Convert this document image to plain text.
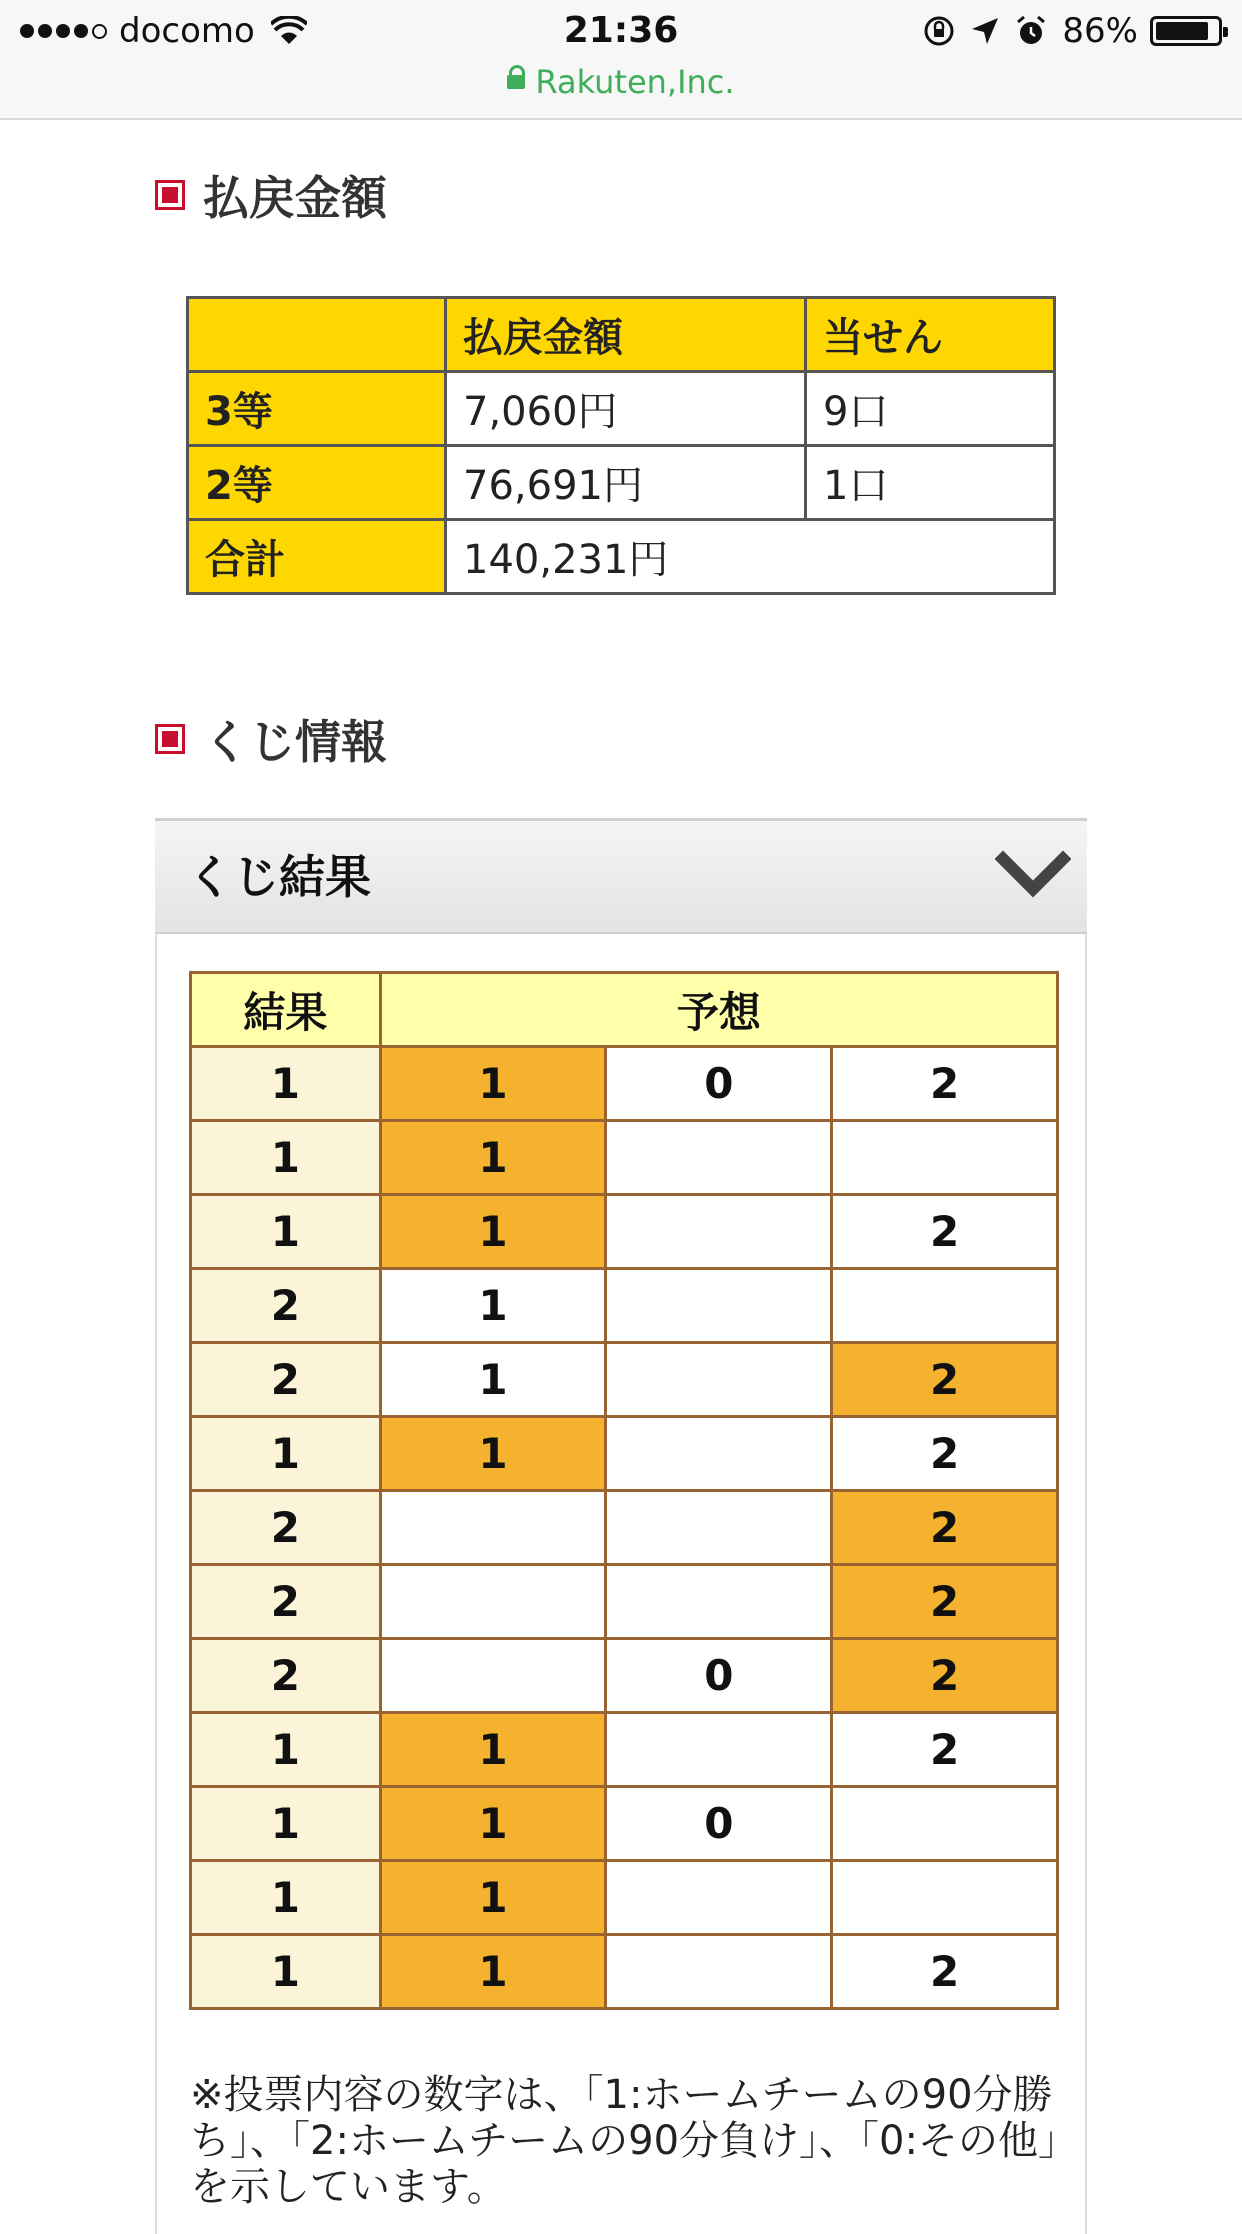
docomo	21:36	86%
Rakuten,Inc.
払戻金額
	払戻金額	当せん
3等	7,060円	9口
2等	76,691円	1口
合計	140,231円	
くじ情報
くじ結果
結果	予想		
1	1	0	2
1	1		
1	1		2
2	1		
2	1		2
1	1		2
2			2
2			2
2		0	2
1	1		2
1	1	0	
1	1		
1	1		2
※投票内容の数字は、「1:ホームチームの90分勝ち」、「2:ホームチームの90分負け」、「0:その他」を示しています。
